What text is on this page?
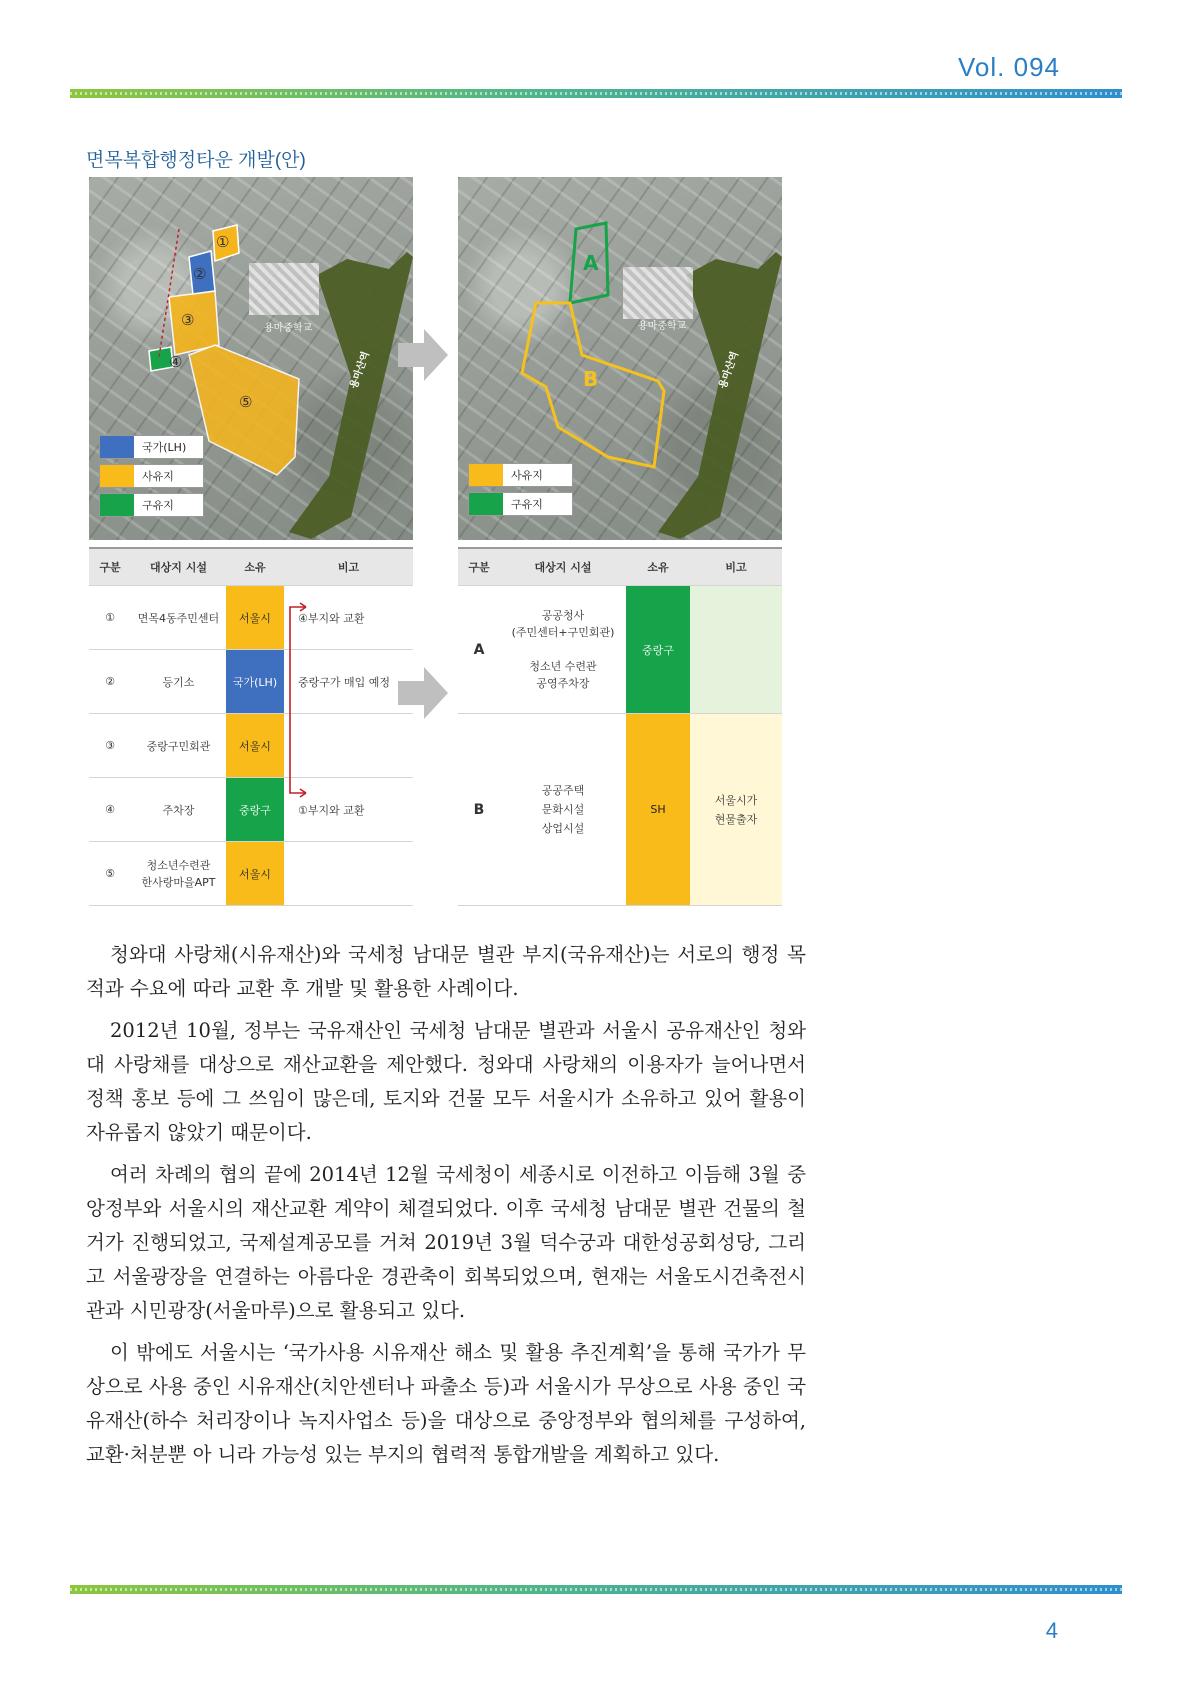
Vol. 094
면목복합행정타운 개발(안)
용마중학교
용마산역
①
②
③
④
⑤
국가(LH)
사유지
구유지
용마중학교
용마산역
A
B
사유지
구유지
구분	대상지 시설	소유	비고
①	면목4동주민센터	서울시	④부지와 교환
②	등기소	국가(LH)	중랑구가 매입 예정
③	중랑구민회관	서울시	
④	주차장	중랑구	①부지와 교환
⑤	청소년수련관
한사랑마을APT	서울시	
구분	대상지 시설	소유	비고
A	공공청사
(주민센터+구민회관)

청소년 수련관
공영주차장	중랑구	
B	공공주택
문화시설
상업시설	SH	서울시가
현물출자

청와대 사랑채(시유재산)와 국세청 남대문 별관 부지(국유재산)는 서로의 행정 목적과 수요에 따라 교환 후 개발 및 활용한 사례이다.

2012년 10월, 정부는 국유재산인 국세청 남대문 별관과 서울시 공유재산인 청와대 사랑채를 대상으로 재산교환을 제안했다. 청와대 사랑채의 이용자가 늘어나면서 정책 홍보 등에 그 쓰임이 많은데, 토지와 건물 모두 서울시가 소유하고 있어 활용이 자유롭지 않았기 때문이다.

여러 차례의 협의 끝에 2014년 12월 국세청이 세종시로 이전하고 이듬해 3월 중앙정부와 서울시의 재산교환 계약이 체결되었다. 이후 국세청 남대문 별관 건물의 철거가 진행되었고, 국제설계공모를 거쳐 2019년 3월 덕수궁과 대한성공회성당, 그리고 서울광장을 연결하는 아름다운 경관축이 회복되었으며, 현재는 서울도시건축전시관과 시민광장(서울마루)으로 활용되고 있다.

이 밖에도 서울시는 ‘국가사용 시유재산 해소 및 활용 추진계획’을 통해 국가가 무상으로 사용 중인 시유재산(치안센터나 파출소 등)과 서울시가 무상으로 사용 중인 국유재산(하수 처리장이나 녹지사업소 등)을 대상으로 중앙정부와 협의체를 구성하여, 교환·처분뿐 아 니라 가능성 있는 부지의 협력적 통합개발을 계획하고 있다.

4
